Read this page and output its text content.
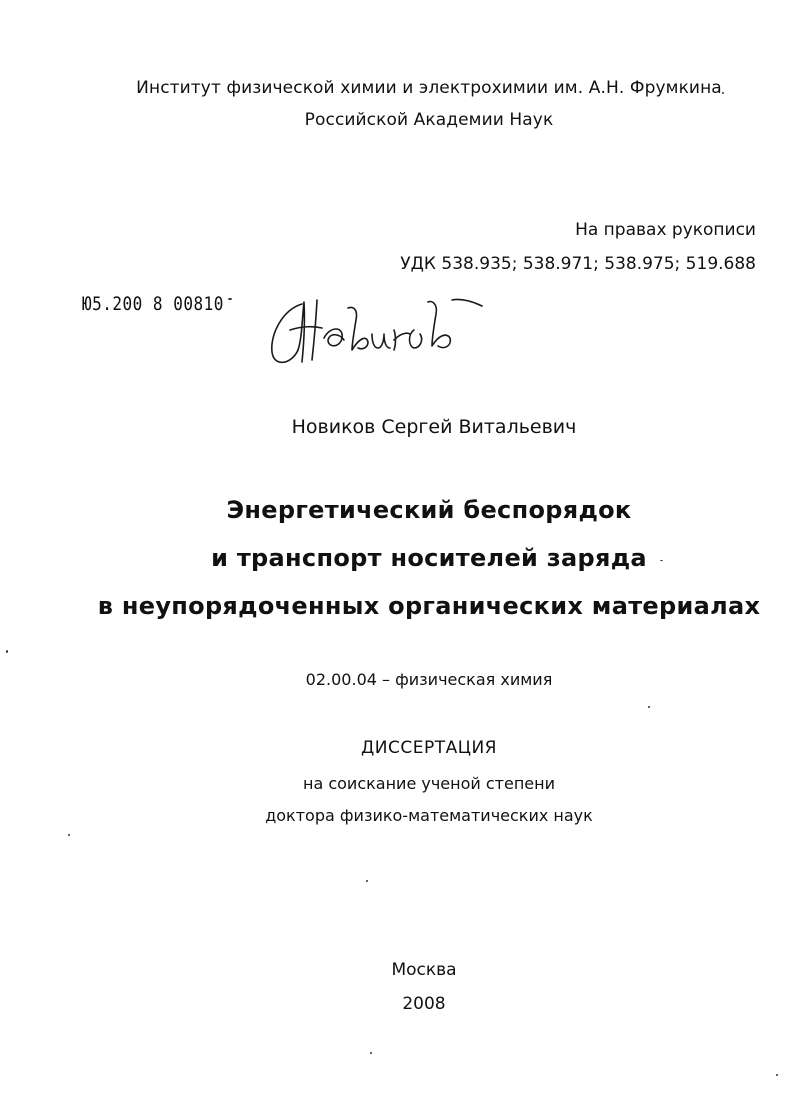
Институт физической химии и электрохимии им. А.Н. Фрумкина
Российской Академии Наук
На правах рукописи
УДК 538.935; 538.971; 538.975; 519.688
Ю5.200 8 00810
Новиков Сергей Витальевич
Энергетический беспорядок
и транспорт носителей заряда
в неупорядоченных органических материалах
02.00.04 – физическая химия
ДИССЕРТАЦИЯ
на соискание ученой степени
доктора физико-математических наук
Москва
2008
